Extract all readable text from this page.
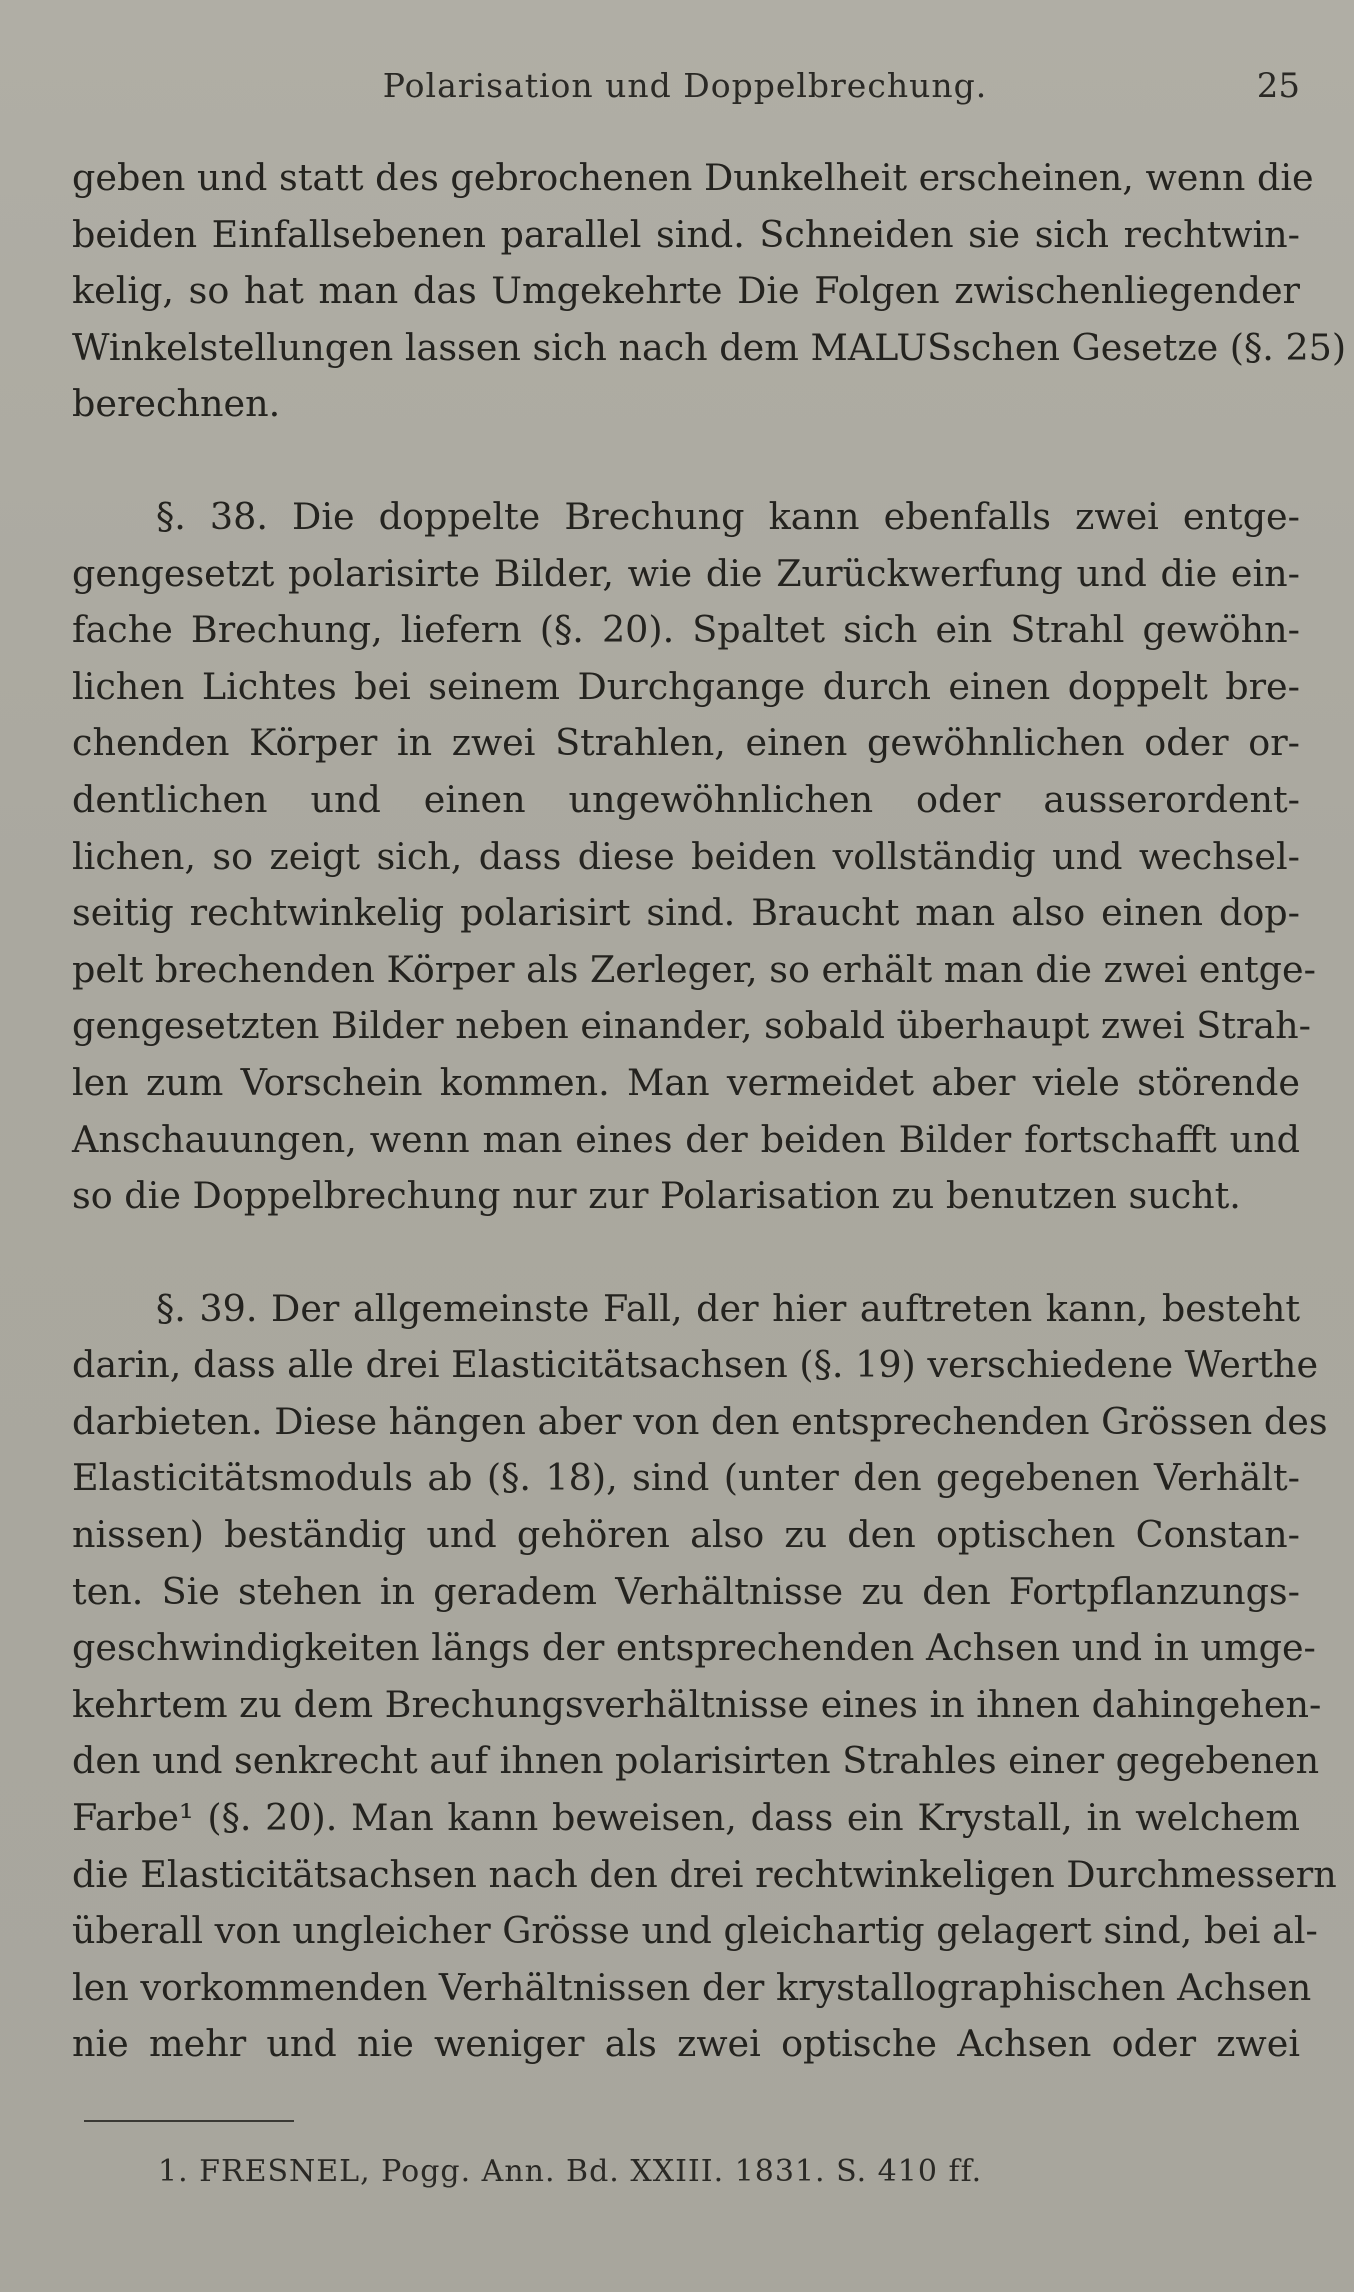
Polarisation und Doppelbrechung.	25
geben und statt des gebrochenen Dunkelheit erscheinen, wenn die
beiden Einfallsebenen parallel sind. Schneiden sie sich rechtwin-
kelig, so hat man das Umgekehrte Die Folgen zwischenliegender
Winkelstellungen lassen sich nach dem MALUSschen Gesetze (§. 25)
berechnen.
§. 38. Die doppelte Brechung kann ebenfalls zwei entge-
gengesetzt polarisirte Bilder, wie die Zurückwerfung und die ein-
fache Brechung, liefern (§. 20). Spaltet sich ein Strahl gewöhn-
lichen Lichtes bei seinem Durchgange durch einen doppelt bre-
chenden Körper in zwei Strahlen, einen gewöhnlichen oder or-
dentlichen und einen ungewöhnlichen oder ausserordent-
lichen, so zeigt sich, dass diese beiden vollständig und wechsel-
seitig rechtwinkelig polarisirt sind. Braucht man also einen dop-
pelt brechenden Körper als Zerleger, so erhält man die zwei entge-
gengesetzten Bilder neben einander, sobald überhaupt zwei Strah-
len zum Vorschein kommen. Man vermeidet aber viele störende
Anschauungen, wenn man eines der beiden Bilder fortschafft und
so die Doppelbrechung nur zur Polarisation zu benutzen sucht.
§. 39. Der allgemeinste Fall, der hier auftreten kann, besteht
darin, dass alle drei Elasticitätsachsen (§. 19) verschiedene Werthe
darbieten. Diese hängen aber von den entsprechenden Grössen des
Elasticitätsmoduls ab (§. 18), sind (unter den gegebenen Verhält-
nissen) beständig und gehören also zu den optischen Constan-
ten. Sie stehen in geradem Verhältnisse zu den Fortpflanzungs-
geschwindigkeiten längs der entsprechenden Achsen und in umge-
kehrtem zu dem Brechungsverhältnisse eines in ihnen dahingehen-
den und senkrecht auf ihnen polarisirten Strahles einer gegebenen
Farbe¹ (§. 20). Man kann beweisen, dass ein Krystall, in welchem
die Elasticitätsachsen nach den drei rechtwinkeligen Durchmessern
überall von ungleicher Grösse und gleichartig gelagert sind, bei al-
len vorkommenden Verhältnissen der krystallographischen Achsen
nie mehr und nie weniger als zwei optische Achsen oder zwei
1. FRESNEL, Pogg. Ann. Bd. XXIII. 1831. S. 410 ff.
